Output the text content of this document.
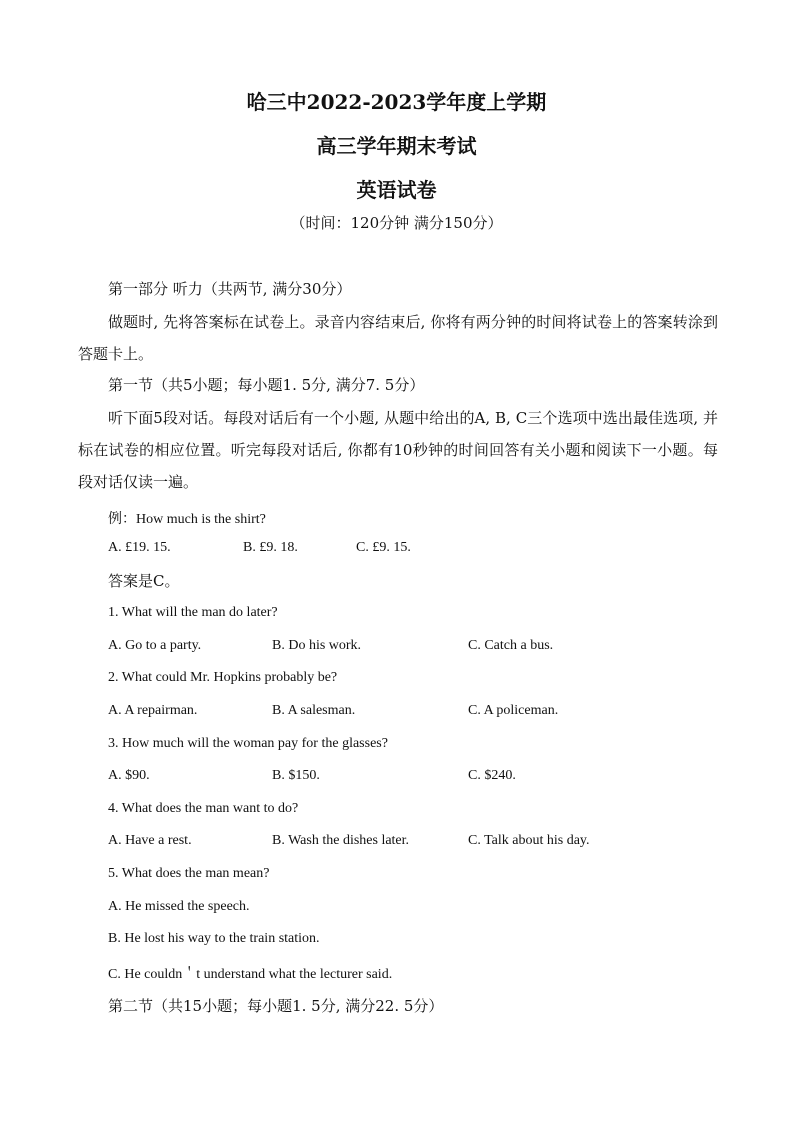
哈三中2022-2023学年度上学期
高三学年期末考试
英语试卷
（时间：120分钟 满分150分）
第一部分 听力（共两节, 满分30分）
做题时, 先将答案标在试卷上。录音内容结束后, 你将有两分钟的时间将试卷上的答案转涂到答题卡上。
第一节（共5小题；每小题1. 5分, 满分7. 5分）
听下面5段对话。每段对话后有一个小题, 从题中给出的A, B, C三个选项中选出最佳选项, 并标在试卷的相应位置。听完每段对话后, 你都有10秒钟的时间回答有关小题和阅读下一小题。每段对话仅读一遍。
例：How much is the shirt?
A. £19. 15.	B. £9. 18.	C. £9. 15.
答案是C。
1. What will the man do later?
A. Go to a party.	B. Do his work.	C. Catch a bus.
2. What could Mr. Hopkins probably be?
A. A repairman.	B. A salesman.	C. A policeman.
3. How much will the woman pay for the glasses?
A. $90.	B. $150.	C. $240.
4. What does the man want to do?
A. Have a rest.	B. Wash the dishes later.	C. Talk about his day.
5. What does the man mean?
A. He missed the speech.
B. He lost his way to the train station.
C. He couldn＇t understand what the lecturer said.
第二节（共15小题；每小题1. 5分, 满分22. 5分）
